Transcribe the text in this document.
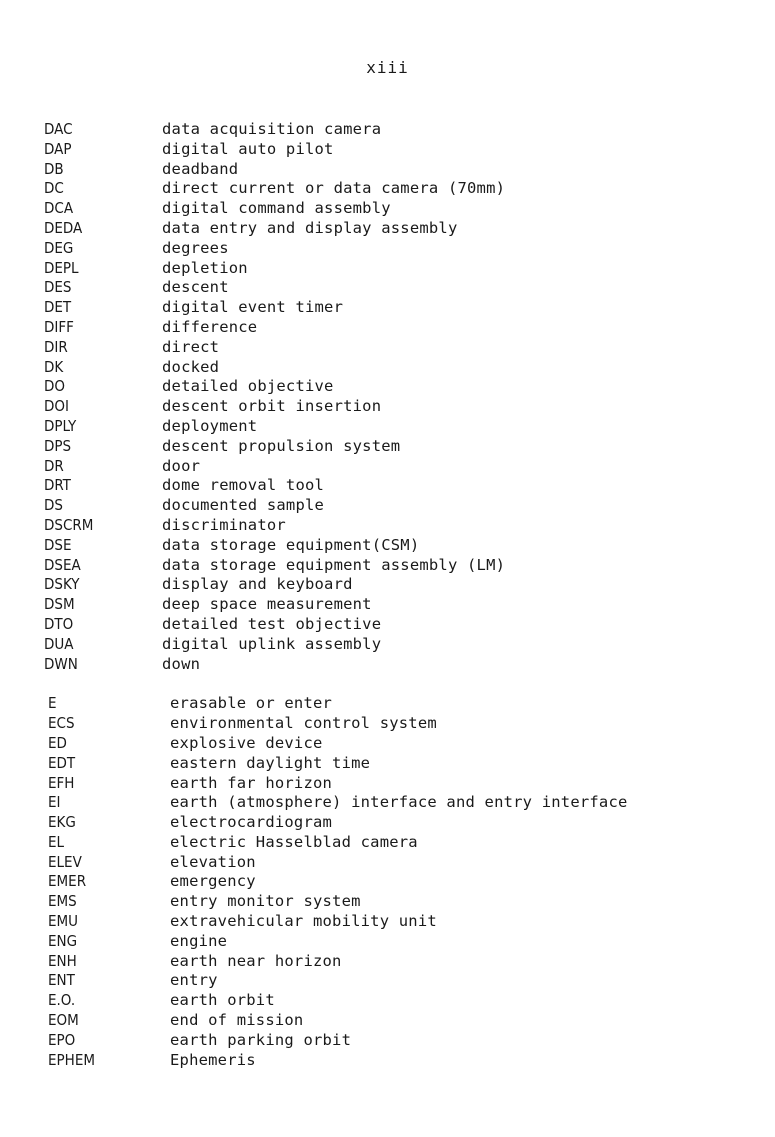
xiii
DAC	data acquisition camera
DAP	digital auto pilot
DB	deadband
DC	direct current or data camera (70mm)
DCA	digital command assembly
DEDA	data entry and display assembly
DEG	degrees
DEPL	depletion
DES	descent
DET	digital event timer
DIFF	difference
DIR	direct
DK	docked
DO	detailed objective
DOI	descent orbit insertion
DPLY	deployment
DPS	descent propulsion system
DR	door
DRT	dome removal tool
DS	documented sample
DSCRM	discriminator
DSE	data storage equipment(CSM)
DSEA	data storage equipment assembly (LM)
DSKY	display and keyboard
DSM	deep space measurement
DTO	detailed test objective
DUA	digital uplink assembly
DWN	down
E	erasable or enter
ECS	environmental control system
ED	explosive device
EDT	eastern daylight time
EFH	earth far horizon
EI	earth (atmosphere) interface and entry interface
EKG	electrocardiogram
EL	electric Hasselblad camera
ELEV	elevation
EMER	emergency
EMS	entry monitor system
EMU	extravehicular mobility unit
ENG	engine
ENH	earth near horizon
ENT	entry
E.O.	earth orbit
EOM	end of mission
EPO	earth parking orbit
EPHEM	Ephemeris
